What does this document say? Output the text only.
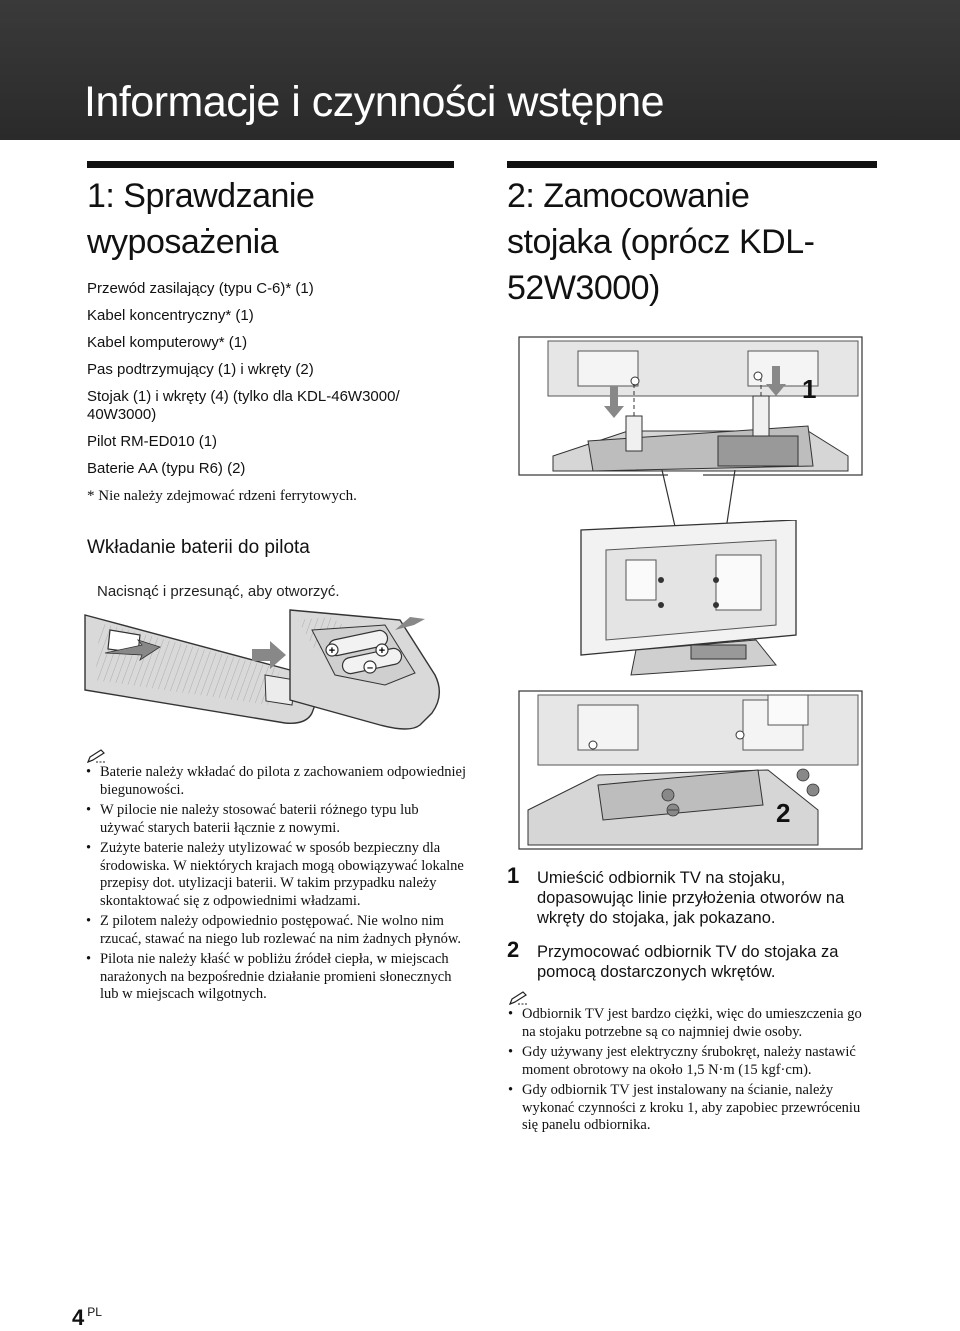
Informacje i czynności wstępne
1: Sprawdzanie
wyposażenia
Przewód zasilający (typu C-6)* (1)
Kabel koncentryczny* (1)
Kabel komputerowy* (1)
Pas podtrzymujący (1) i wkręty (2)
Stojak (1) i wkręty (4) (tylko dla KDL-46W3000/ 40W3000)
Pilot RM-ED010 (1)
Baterie AA (typu R6) (2)
* Nie należy zdejmować rdzeni ferrytowych.
Wkładanie baterii do pilota
Nacisnąć i przesunąć, aby otworzyć.
+	+
–
• Baterie należy wkładać do pilota z zachowaniem odpowiedniej biegunowości.
• W pilocie nie należy stosować baterii różnego typu lub używać starych baterii łącznie z nowymi.
• Zużyte baterie należy utylizować w sposób bezpieczny dla środowiska. W niektórych krajach mogą obowiązywać lokalne przepisy dot. utylizacji baterii. W takim przypadku należy skontaktować się z odpowiednimi władzami.
• Z pilotem należy odpowiednio postępować. Nie wolno nim rzucać, stawać na niego lub rozlewać na nim żadnych płynów.
• Pilota nie należy kłaść w pobliżu źródeł ciepła, w miejscach narażonych na bezpośrednie działanie promieni słonecznych lub w miejscach wilgotnych.
2: Zamocowanie
stojaka (oprócz KDL-
52W3000)
1
2
1 Umieścić odbiornik TV na stojaku, dopasowując linie przyłożenia otworów na wkręty do stojaka, jak pokazano.
2 Przymocować odbiornik TV do stojaka za pomocą dostarczonych wkrętów.
• Odbiornik TV jest bardzo ciężki, więc do umieszczenia go na stojaku potrzebne są co najmniej dwie osoby.
• Gdy używany jest elektryczny śrubokręt, należy nastawić moment obrotowy na około 1,5 N·m (15 kgf·cm).
• Gdy odbiornik TV jest instalowany na ścianie, należy wykonać czynności z kroku 1, aby zapobiec przewróceniu się panelu odbiornika.
4 $^{PL}$
